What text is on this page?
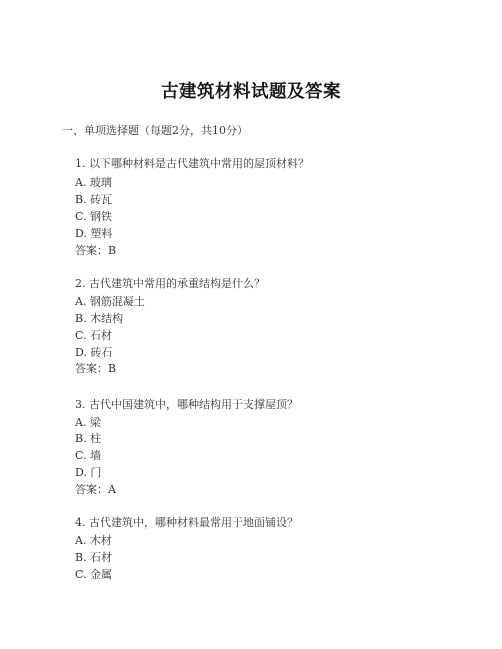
古建筑材料试题及答案
一、单项选择题（每题2分，共10分）
1. 以下哪种材料是古代建筑中常用的屋顶材料？
A. 玻璃
B. 砖瓦
C. 钢铁
D. 塑料
答案：B
2. 古代建筑中常用的承重结构是什么？
A. 钢筋混凝土
B. 木结构
C. 石材
D. 砖石
答案：B
3. 古代中国建筑中，哪种结构用于支撑屋顶？
A. 梁
B. 柱
C. 墙
D. 门
答案：A
4. 古代建筑中，哪种材料最常用于地面铺设？
A. 木材
B. 石材
C. 金属
